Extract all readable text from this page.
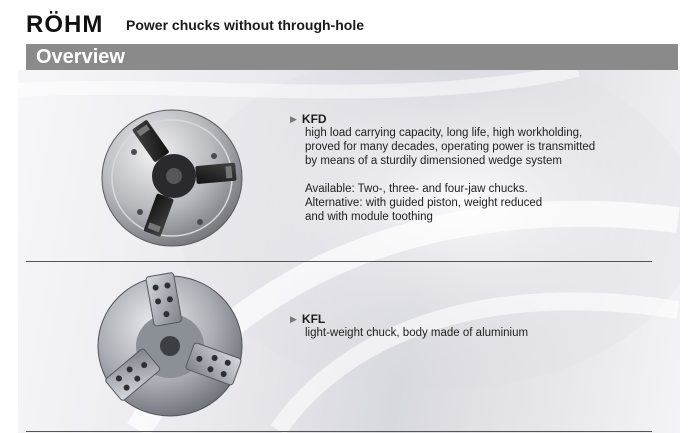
RÖHM Power chucks without through-hole
Overview
▶ KFD
high load carrying capacity, long life, high workholding,
proved for many decades, operating power is transmitted
by means of a sturdily dimensioned wedge system
Available: Two-, three- and four-jaw chucks.
Alternative: with guided piston, weight reduced
and with module toothing
▶ KFL
light-weight chuck, body made of aluminium
